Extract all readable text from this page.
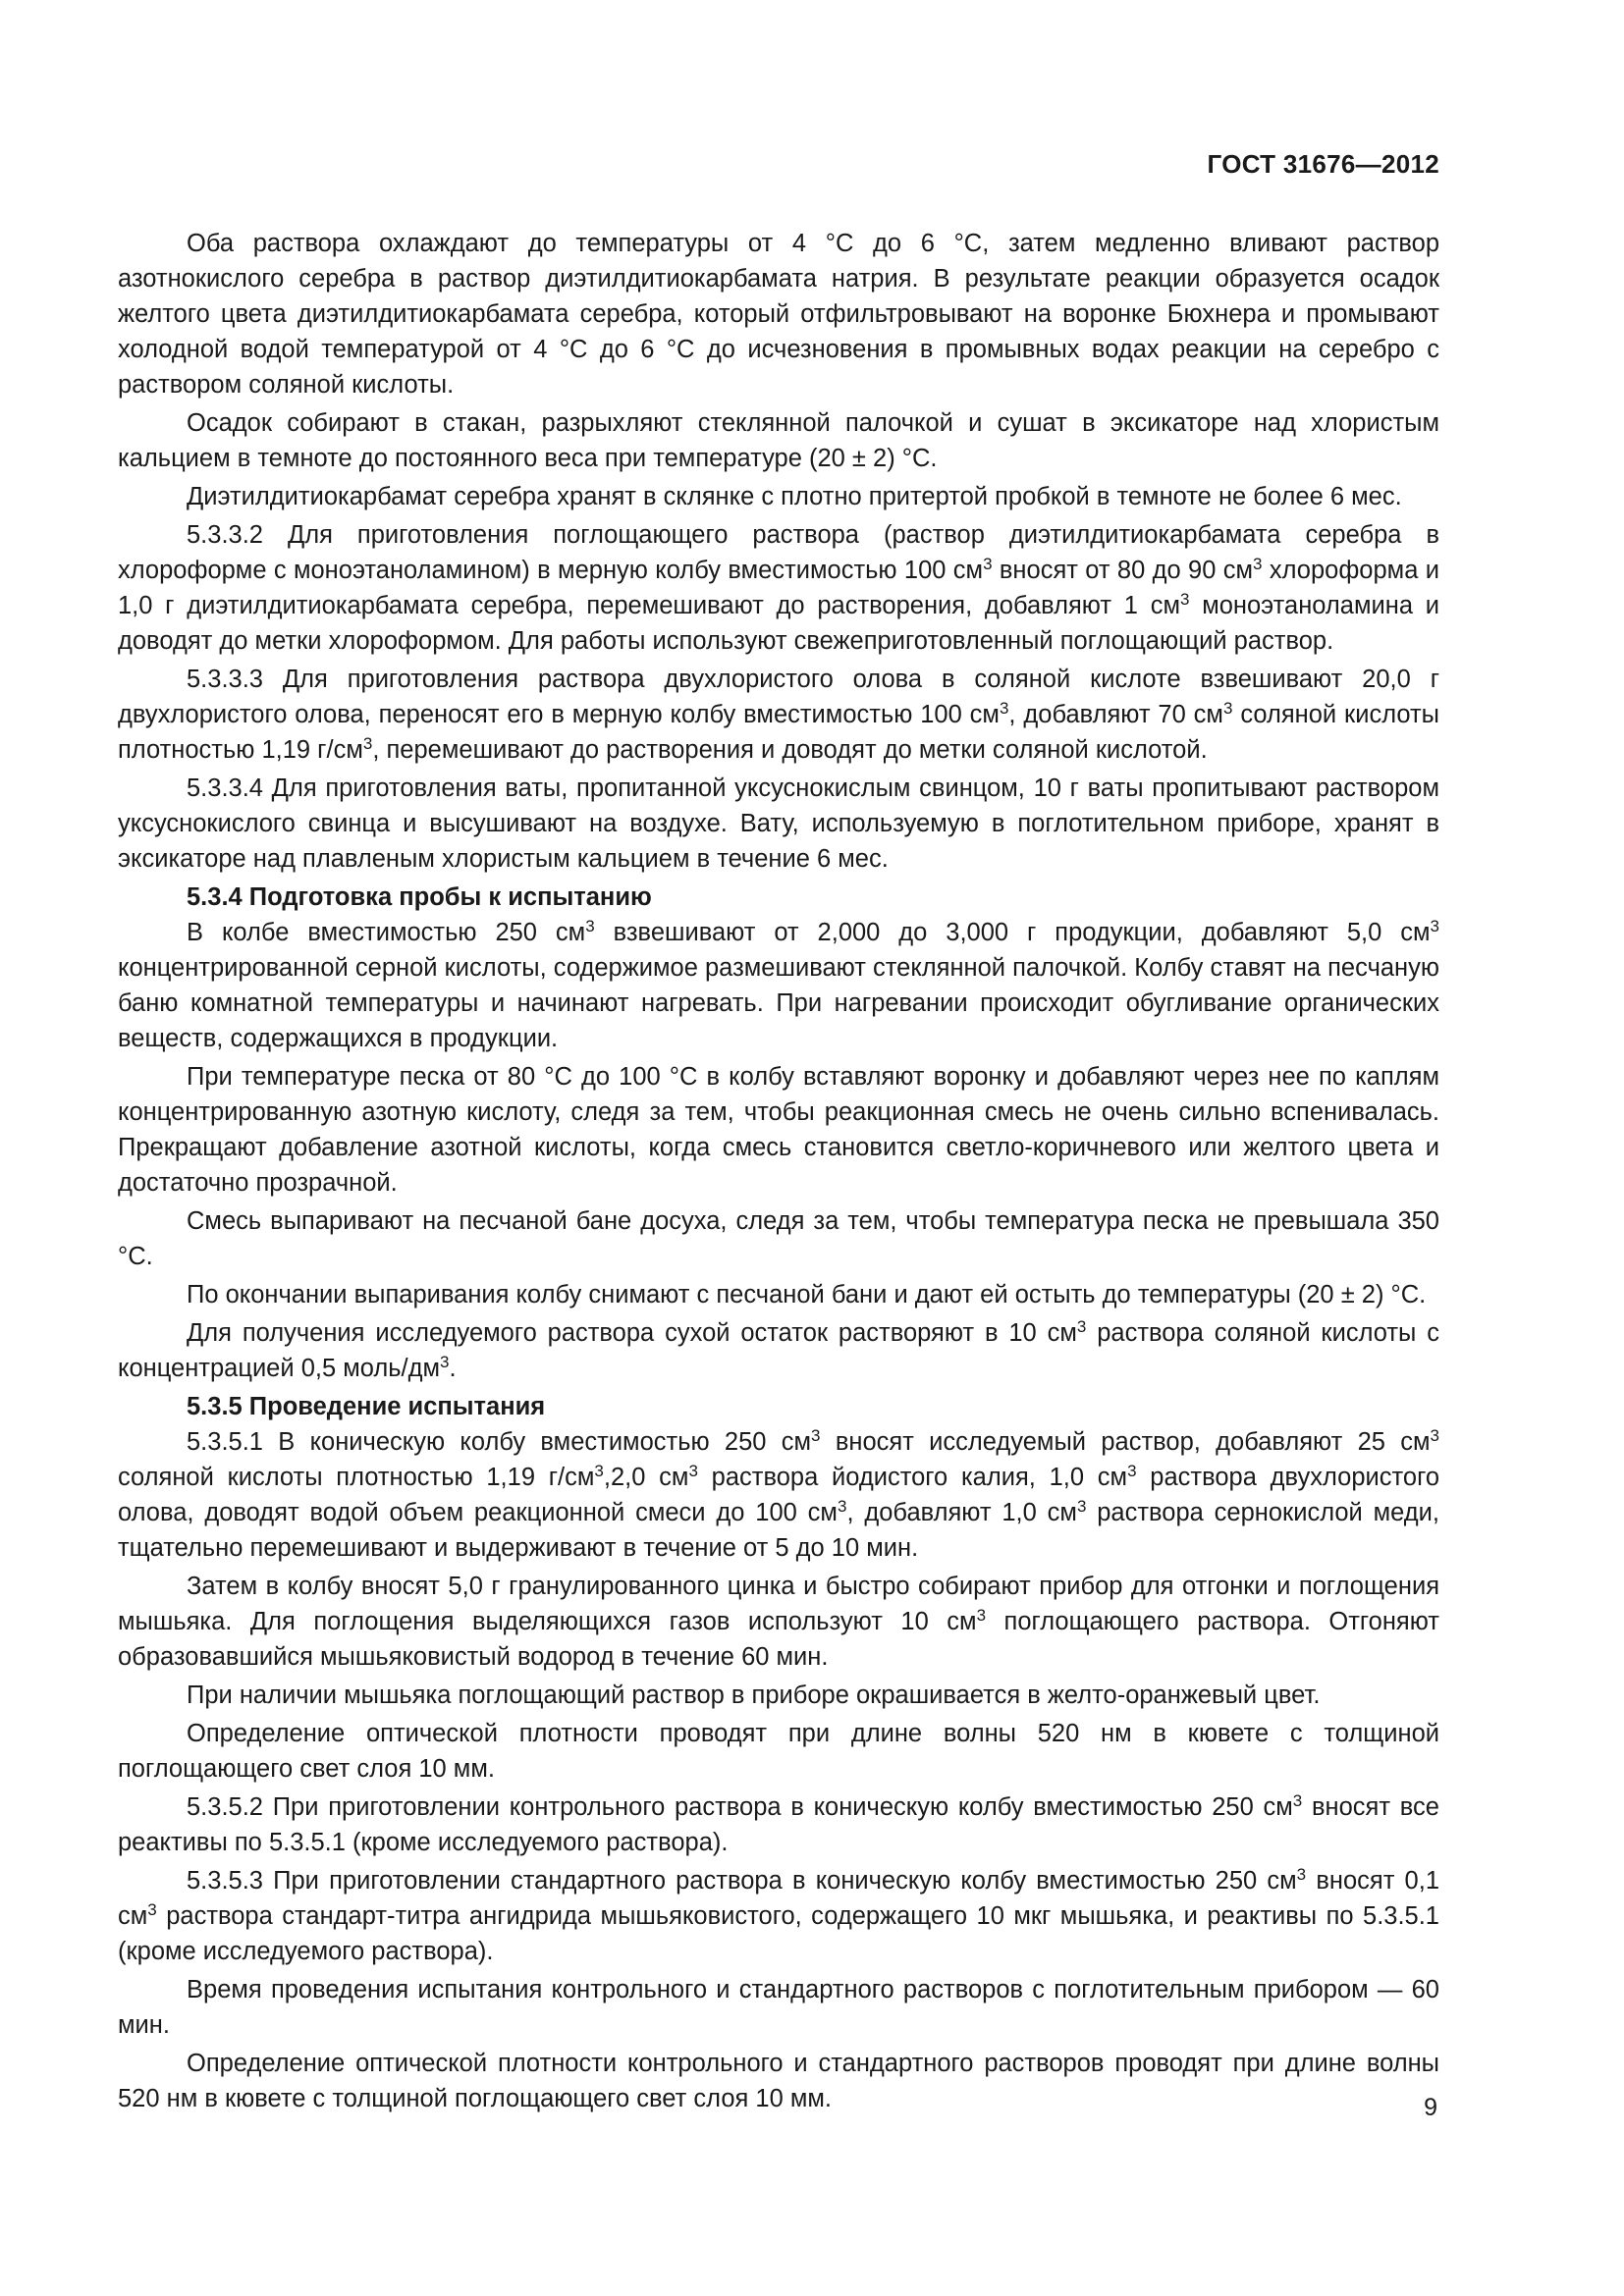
ГОСТ 31676—2012

Оба раствора охлаждают до температуры от 4 °С до 6 °С, затем медленно вливают раствор азотнокислого серебра в раствор диэтилдитиокарбамата натрия. В результате реакции образуется осадок желтого цвета диэтилдитиокарбамата серебра, который отфильтровывают на воронке Бюхнера и промывают холодной водой температурой от 4 °С до 6 °С до исчезновения в промывных водах реакции на серебро с раствором соляной кислоты.

Осадок собирают в стакан, разрыхляют стеклянной палочкой и сушат в эксикаторе над хлористым кальцием в темноте до постоянного веса при температуре (20 ± 2) °С.

Диэтилдитиокарбамат серебра хранят в склянке с плотно притертой пробкой в темноте не более 6 мес.

5.3.3.2 Для приготовления поглощающего раствора (раствор диэтилдитиокарбамата серебра в хлороформе с моноэтаноламином) в мерную колбу вместимостью 100 $см^3$ вносят от 80 до 90 $см^3$ хлороформа и 1,0 г диэтилдитиокарбамата серебра, перемешивают до растворения, добавляют 1 $см^3$ моноэтаноламина и доводят до метки хлороформом. Для работы используют свежеприготовленный поглощающий раствор.

5.3.3.3 Для приготовления раствора двухлористого олова в соляной кислоте взвешивают 20,0 г двухлористого олова, переносят его в мерную колбу вместимостью 100 $см^3$, добавляют 70 $см^3$ соляной кислоты плотностью 1,19 $г/см^3$, перемешивают до растворения и доводят до метки соляной кислотой.

5.3.3.4 Для приготовления ваты, пропитанной уксуснокислым свинцом, 10 г ваты пропитывают раствором уксуснокислого свинца и высушивают на воздухе. Вату, используемую в поглотительном приборе, хранят в эксикаторе над плавленым хлористым кальцием в течение 6 мес.

5.3.4 Подготовка пробы к испытанию

В колбе вместимостью 250 $см^3$ взвешивают от 2,000 до 3,000 г продукции, добавляют 5,0 $см^3$ концентрированной серной кислоты, содержимое размешивают стеклянной палочкой. Колбу ставят на песчаную баню комнатной температуры и начинают нагревать. При нагревании происходит обугливание органических веществ, содержащихся в продукции.

При температуре песка от 80 °С до 100 °С в колбу вставляют воронку и добавляют через нее по каплям концентрированную азотную кислоту, следя за тем, чтобы реакционная смесь не очень сильно вспенивалась. Прекращают добавление азотной кислоты, когда смесь становится светло-коричневого или желтого цвета и достаточно прозрачной.

Смесь выпаривают на песчаной бане досуха, следя за тем, чтобы температура песка не превышала 350 °С.

По окончании выпаривания колбу снимают с песчаной бани и дают ей остыть до температуры (20 ± 2) °С.

Для получения исследуемого раствора сухой остаток растворяют в 10 $см^3$ раствора соляной кислоты с концентрацией 0,5 моль/$дм^3$.

5.3.5 Проведение испытания

5.3.5.1 В коническую колбу вместимостью 250 $см^3$ вносят исследуемый раствор, добавляют 25 $см^3$ соляной кислоты плотностью 1,19 $г/см^3,2,0$ $см^3$ раствора йодистого калия, 1,0 $см^3$ раствора двухлористого олова, доводят водой объем реакционной смеси до 100 $см^3$, добавляют 1,0 $см^3$ раствора сернокислой меди, тщательно перемешивают и выдерживают в течение от 5 до 10 мин.

Затем в колбу вносят 5,0 г гранулированного цинка и быстро собирают прибор для отгонки и поглощения мышьяка. Для поглощения выделяющихся газов используют 10 $см^3$ поглощающего раствора. Отгоняют образовавшийся мышьяковистый водород в течение 60 мин.

При наличии мышьяка поглощающий раствор в приборе окрашивается в желто-оранжевый цвет.

Определение оптической плотности проводят при длине волны 520 нм в кювете с толщиной поглощающего свет слоя 10 мм.

5.3.5.2 При приготовлении контрольного раствора в коническую колбу вместимостью 250 $см^3$ вносят все реактивы по 5.3.5.1 (кроме исследуемого раствора).

5.3.5.3 При приготовлении стандартного раствора в коническую колбу вместимостью 250 $см^3$ вносят 0,1 $см^3$ раствора стандарт-титра ангидрида мышьяковистого, содержащего 10 мкг мышьяка, и реактивы по 5.3.5.1 (кроме исследуемого раствора).

Время проведения испытания контрольного и стандартного растворов с поглотительным прибором — 60 мин.

Определение оптической плотности контрольного и стандартного растворов проводят при длине волны 520 нм в кювете с толщиной поглощающего свет слоя 10 мм.	9
